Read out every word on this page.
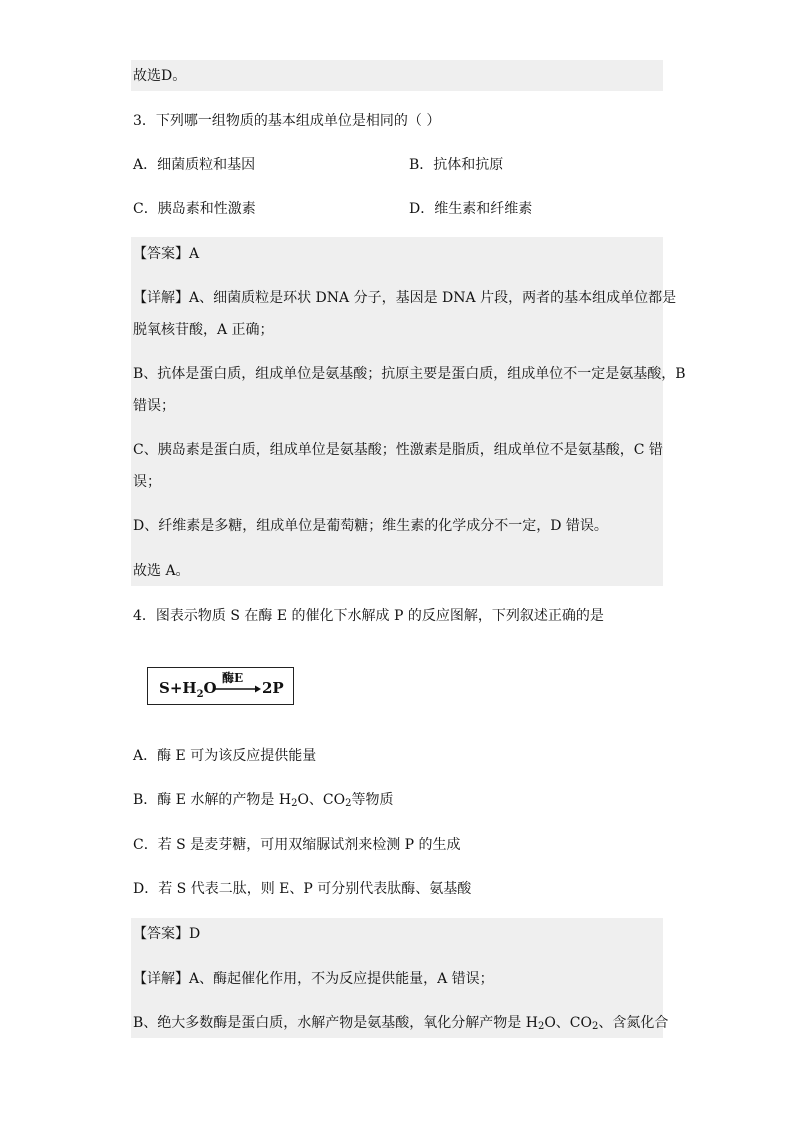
故选D。
3．下列哪一组物质的基本组成单位是相同的（ ）
A．细菌质粒和基因	B．抗体和抗原
C．胰岛素和性激素	D．维生素和纤维素
【答案】A
【详解】A、细菌质粒是环状 DNA 分子，基因是 DNA 片段，两者的基本组成单位都是
脱氧核苷酸，A 正确；
B、抗体是蛋白质，组成单位是氨基酸；抗原主要是蛋白质，组成单位不一定是氨基酸，B
错误；
C、胰岛素是蛋白质，组成单位是氨基酸；性激素是脂质，组成单位不是氨基酸，C 错
误；
D、纤维素是多糖，组成单位是葡萄糖；维生素的化学成分不一定，D 错误。
故选 A。
4．图表示物质 S 在酶 E 的催化下水解成 P 的反应图解，下列叙述正确的是
$S+H_2O$
酶E
2P
A．酶 E 可为该反应提供能量
B．酶 E 水解的产物是 $H_2O$、$CO_2$等物质
C．若 S 是麦芽糖，可用双缩脲试剂来检测 P 的生成
D．若 S 代表二肽，则 E、P 可分别代表肽酶、氨基酸
【答案】D
【详解】A、酶起催化作用，不为反应提供能量，A 错误；
B、绝大多数酶是蛋白质，水解产物是氨基酸，氧化分解产物是 $H_2O$、$CO_2$、含氮化合
